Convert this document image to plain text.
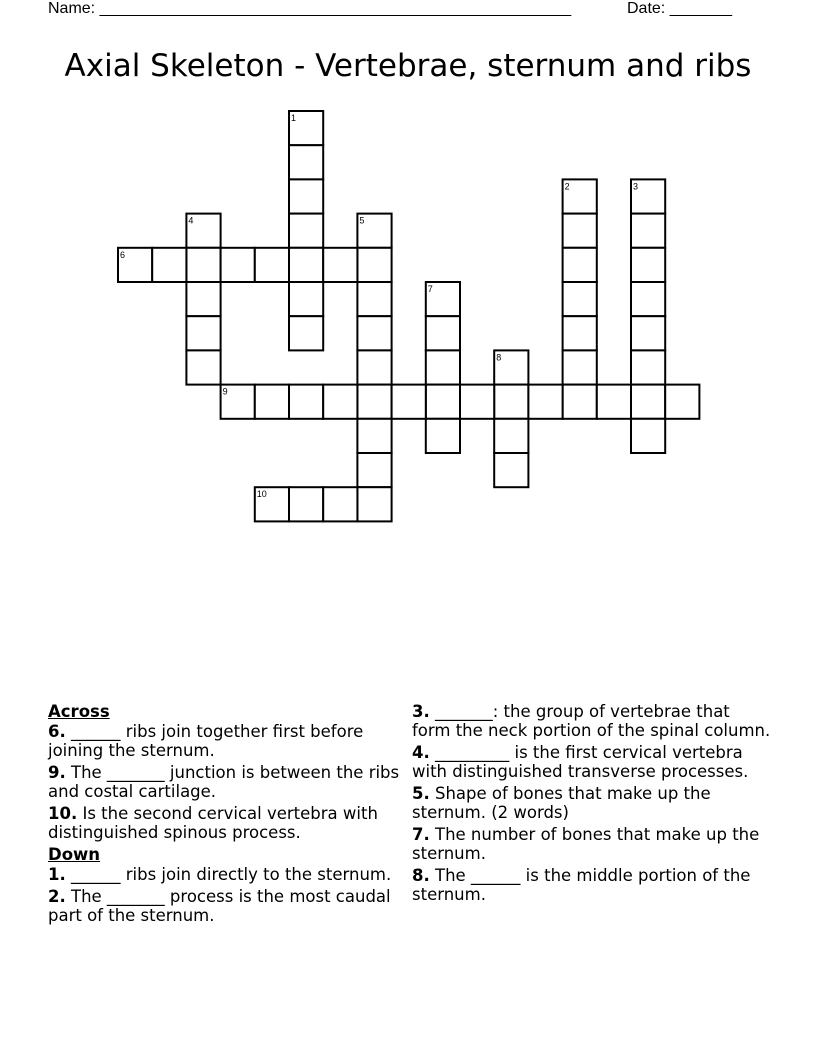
Name: _____________________________________________________	Date: _______
Axial Skeleton - Vertebrae, sternum and ribs
1
2	3
4	5
6
7
8
9
10
Across
6. ______ ribs join together first before joining the sternum.
9. The _______ junction is between the ribs and costal cartilage.
10. Is the second cervical vertebra with distinguished spinous process.
Down
1. ______ ribs join directly to the sternum.
2. The _______ process is the most caudal part of the sternum.
3. _______: the group of vertebrae that form the neck portion of the spinal column.
4. _________ is the first cervical vertebra with distinguished transverse processes.
5. Shape of bones that make up the sternum. (2 words)
7. The number of bones that make up the sternum.
8. The ______ is the middle portion of the sternum.
